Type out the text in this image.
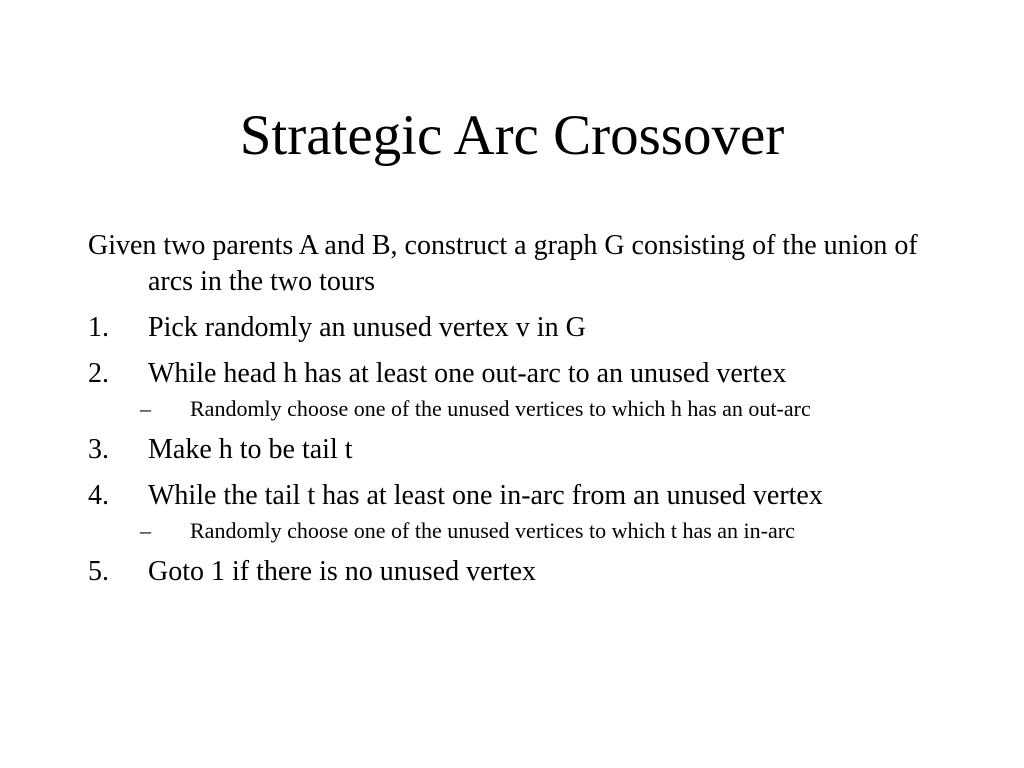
Strategic Arc Crossover

Given two parents A and B, construct a graph G consisting of the union of arcs in the two tours

1. Pick randomly an unused vertex v in G
2. While head h has at least one out-arc to an unused vertex
– Randomly choose one of the unused vertices to which h has an out-arc
3. Make h to be tail t
4. While the tail t has at least one in-arc from an unused vertex
– Randomly choose one of the unused vertices to which t has an in-arc
5. Goto 1 if there is no unused vertex
